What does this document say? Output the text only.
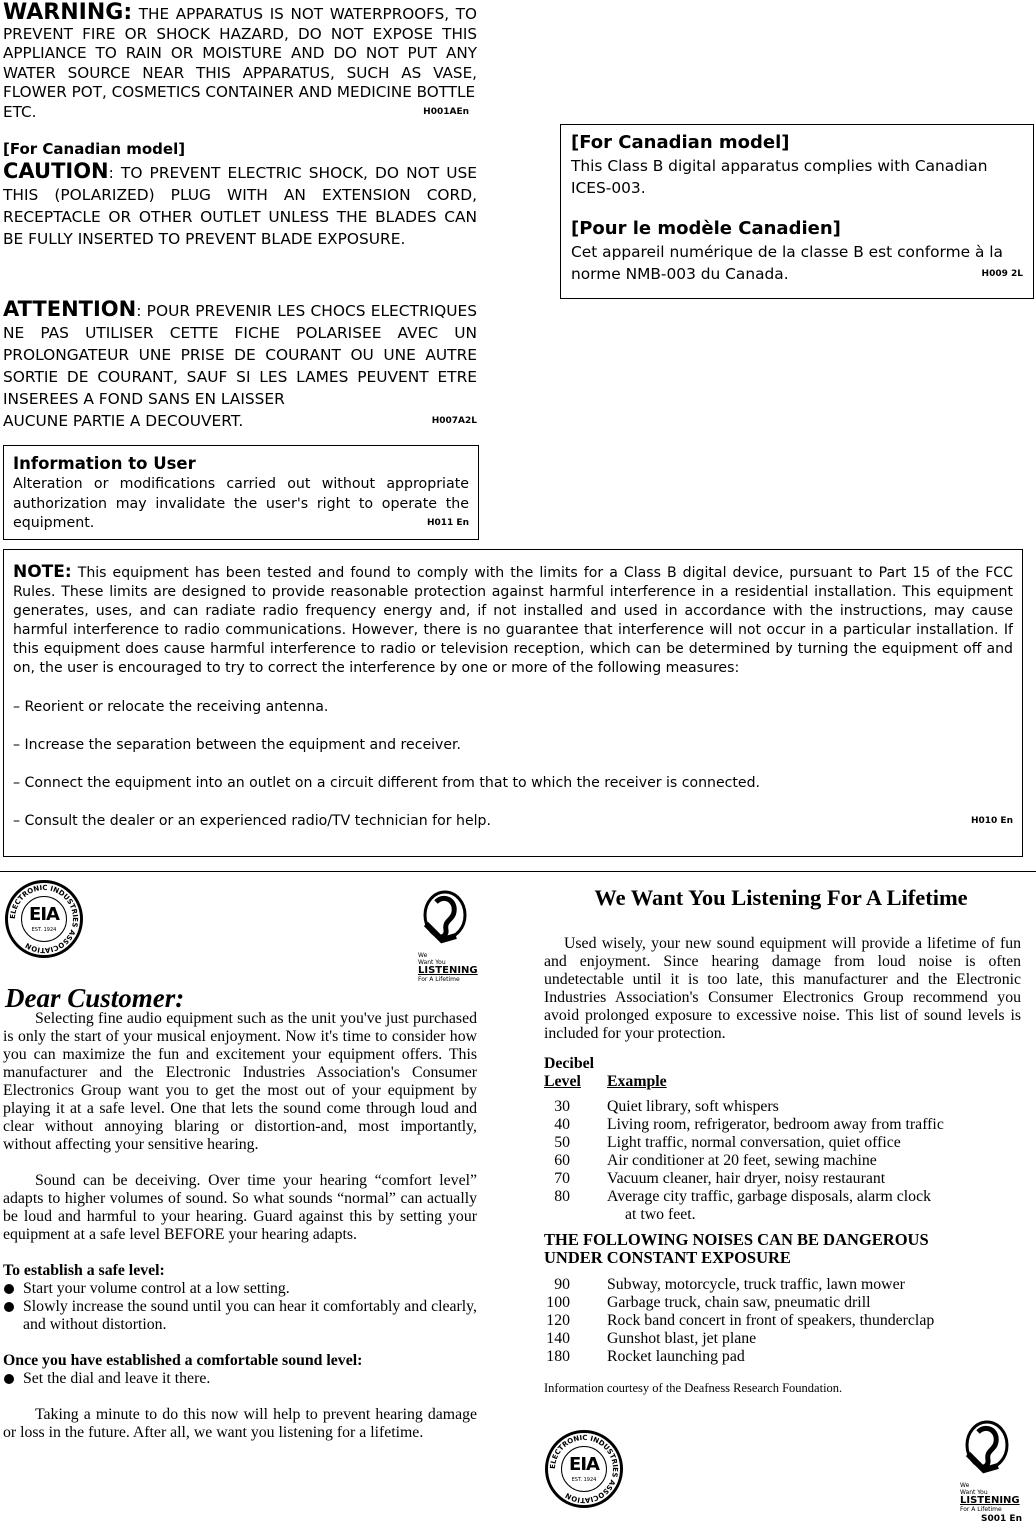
WARNING: THE APPARATUS IS NOT WATERPROOFS, TO PREVENT FIRE OR SHOCK HAZARD, DO NOT EXPOSE THIS APPLIANCE TO RAIN OR MOISTURE AND DO NOT PUT ANY WATER SOURCE NEAR THIS APPARATUS, SUCH AS VASE, FLOWER POT, COSMETICS CONTAINER AND MEDICINE BOTTLE
ETC.	H001AEn
[For Canadian model]
CAUTION: TO PREVENT ELECTRIC SHOCK, DO NOT USE THIS (POLARIZED) PLUG WITH AN EXTENSION CORD, RECEPTACLE OR OTHER OUTLET UNLESS THE BLADES CAN BE FULLY INSERTED TO PREVENT BLADE EXPOSURE.
ATTENTION: POUR PREVENIR LES CHOCS ELECTRIQUES NE PAS UTILISER CETTE FICHE POLARISEE AVEC UN PROLONGATEUR UNE PRISE DE COURANT OU UNE AUTRE SORTIE DE COURANT, SAUF SI LES LAMES PEUVENT ETRE INSEREES A FOND SANS EN LAISSER
AUCUNE PARTIE A DECOUVERT.	H007A2L
[For Canadian model]
This Class B digital apparatus complies with Canadian ICES-003.
[Pour le modèle Canadien]
Cet appareil numérique de la classe B est conforme à la norme NMB-003 du Canada.	H009 2L
Information to User
Alteration or modifications carried out without appropriate authorization may invalidate the user's right to operate the equipment.	H011 En
NOTE: This equipment has been tested and found to comply with the limits for a Class B digital device, pursuant to Part 15 of the FCC Rules. These limits are designed to provide reasonable protection against harmful interference in a residential installation. This equipment generates, uses, and can radiate radio frequency energy and, if not installed and used in accordance with the instructions, may cause harmful interference to radio communications. However, there is no guarantee that interference will not occur in a particular installation. If this equipment does cause harmful interference to radio or television reception, which can be determined by turning the equipment off and on, the user is encouraged to try to correct the interference by one or more of the following measures:
– Reorient or relocate the receiving antenna.
– Increase the separation between the equipment and receiver.
– Connect the equipment into an outlet on a circuit different from that to which the receiver is connected.
– Consult the dealer or an experienced radio/TV technician for help.	H010 En
ELECTRONIC INDUSTRIES ASSOCIATION
EIA
EST. 1924
We
Want You
LISTENING
For A Lifetime
Dear Customer:

Selecting fine audio equipment such as the unit you've just purchased is only the start of your musical enjoyment. Now it's time to consider how you can maximize the fun and excitement your equipment offers. This manufacturer and the Electronic Industries Association's Consumer Electronics Group want you to get the most out of your equipment by playing it at a safe level. One that lets the sound come through loud and clear without annoying blaring or distortion-and, most importantly, without affecting your sensitive hearing.

Sound can be deceiving. Over time your hearing “comfort level” adapts to higher volumes of sound. So what sounds “normal” can actually be loud and harmful to your hearing. Guard against this by setting your equipment at a safe level BEFORE your hearing adapts.

To establish a safe level:
Start your volume control at a low setting.
Slowly increase the sound until you can hear it comfortably and clearly, and without distortion.
Once you have established a comfortable sound level:
Set the dial and leave it there.

Taking a minute to do this now will help to prevent hearing damage or loss in the future. After all, we want you listening for a lifetime.

We Want You Listening For A Lifetime
Used wisely, your new sound equipment will provide a lifetime of fun and enjoyment. Since hearing damage from loud noise is often undetectable until it is too late, this manufacturer and the Electronic Industries Association's Consumer Electronics Group recommend you avoid prolonged exposure to excessive noise. This list of sound levels is included for your protection.
Decibel
Level Example
30 Quiet library, soft whispers
40 Living room, refrigerator, bedroom away from traffic
50 Light traffic, normal conversation, quiet office
60 Air conditioner at 20 feet, sewing machine
70 Vacuum cleaner, hair dryer, noisy restaurant
80 Average city traffic, garbage disposals, alarm clock
at two feet.
THE FOLLOWING NOISES CAN BE DANGEROUS
UNDER CONSTANT EXPOSURE
90 Subway, motorcycle, truck traffic, lawn mower
100 Garbage truck, chain saw, pneumatic drill
120 Rock band concert in front of speakers, thunderclap
140 Gunshot blast, jet plane
180 Rocket launching pad
Information courtesy of the Deafness Research Foundation.
ELECTRONIC INDUSTRIES ASSOCIATION
EIA
EST. 1924
We
Want You
LISTENING
For A Lifetime
S001 En
